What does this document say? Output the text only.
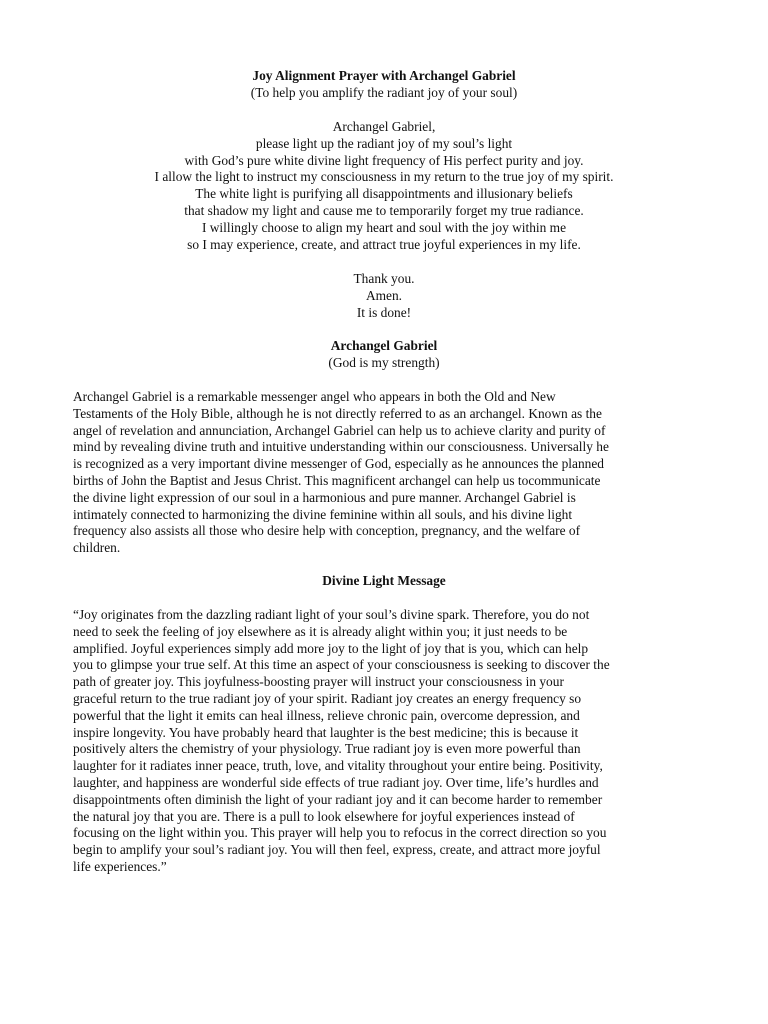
Joy Alignment Prayer with Archangel Gabriel
(To help you amplify the radiant joy of your soul)
Archangel Gabriel,
please light up the radiant joy of my soul’s light
with God’s pure white divine light frequency of His perfect purity and joy.
I allow the light to instruct my consciousness in my return to the true joy of my spirit.
The white light is purifying all disappointments and illusionary beliefs
that shadow my light and cause me to temporarily forget my true radiance.
I willingly choose to align my heart and soul with the joy within me
so I may experience, create, and attract true joyful experiences in my life.
Thank you.
Amen.
It is done!
Archangel Gabriel
(God is my strength)
Archangel Gabriel is a remarkable messenger angel who appears in both the Old and New
Testaments of the Holy Bible, although he is not directly referred to as an archangel. Known as the
angel of revelation and annunciation, Archangel Gabriel can help us to achieve clarity and purity of
mind by revealing divine truth and intuitive understanding within our consciousness. Universally he
is recognized as a very important divine messenger of God, especially as he announces the planned
births of John the Baptist and Jesus Christ. This magnificent archangel can help us tocommunicate
the divine light expression of our soul in a harmonious and pure manner. Archangel Gabriel is
intimately connected to harmonizing the divine feminine within all souls, and his divine light
frequency also assists all those who desire help with conception, pregnancy, and the welfare of
children.
Divine Light Message
“Joy originates from the dazzling radiant light of your soul’s divine spark. Therefore, you do not
need to seek the feeling of joy elsewhere as it is already alight within you; it just needs to be
amplified. Joyful experiences simply add more joy to the light of joy that is you, which can help
you to glimpse your true self. At this time an aspect of your consciousness is seeking to discover the
path of greater joy. This joyfulness-boosting prayer will instruct your consciousness in your
graceful return to the true radiant joy of your spirit. Radiant joy creates an energy frequency so
powerful that the light it emits can heal illness, relieve chronic pain, overcome depression, and
inspire longevity. You have probably heard that laughter is the best medicine; this is because it
positively alters the chemistry of your physiology. True radiant joy is even more powerful than
laughter for it radiates inner peace, truth, love, and vitality throughout your entire being. Positivity,
laughter, and happiness are wonderful side effects of true radiant joy. Over time, life’s hurdles and
disappointments often diminish the light of your radiant joy and it can become harder to remember
the natural joy that you are. There is a pull to look elsewhere for joyful experiences instead of
focusing on the light within you. This prayer will help you to refocus in the correct direction so you
begin to amplify your soul’s radiant joy. You will then feel, express, create, and attract more joyful
life experiences.”
